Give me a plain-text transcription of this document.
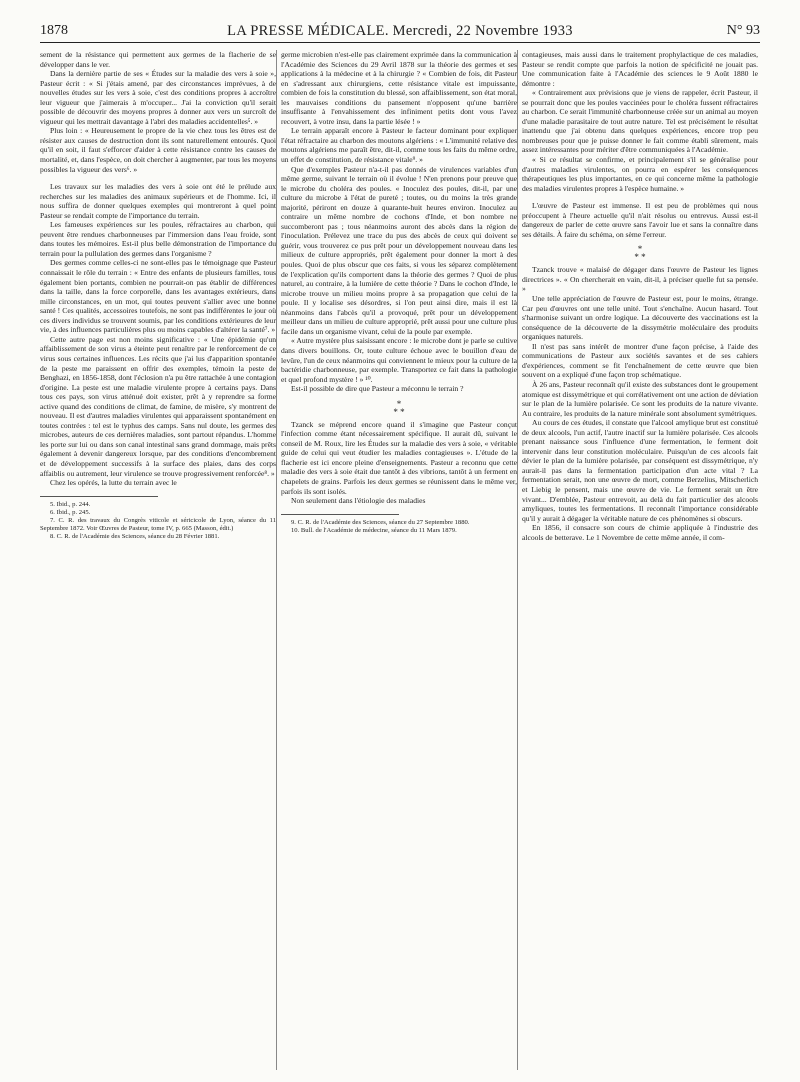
1878	LA PRESSE MÉDICALE. Mercredi, 22 Novembre 1933	N° 93

sement de la résistance qui permettent aux germes de la flacherie de se développer dans le ver.

Dans la dernière partie de ses « Études sur la maladie des vers à soie », Pasteur écrit : « Si j'étais amené, par des circonstances imprévues, à de nouvelles études sur les vers à soie, c'est des conditions propres à accroître leur vigueur que j'aimerais à m'occuper... J'ai la conviction qu'il serait possible de découvrir des moyens propres à donner aux vers un surcroît de vigueur qui les mettrait davantage à l'abri des maladies accidentelles⁵. »

Plus loin : « Heureusement le propre de la vie chez tous les êtres est de résister aux causes de destruction dont ils sont naturellement entourés. Quoi qu'il en soit, il faut s'efforcer d'aider à cette résistance contre les causes de mortalité, et, dans l'espèce, on doit chercher à augmenter, par tous les moyens possibles la vigueur des vers⁶. »

Les travaux sur les maladies des vers à soie ont été le prélude aux recherches sur les maladies des animaux supérieurs et de l'homme. Ici, il nous suffira de donner quelques exemples qui montreront à quel point Pasteur se rendait compte de l'importance du terrain.

Les fameuses expériences sur les poules, réfractaires au charbon, qui peuvent être rendues charbonneuses par l'immersion dans l'eau froide, sont dans toutes les mémoires. Est-il plus belle démonstration de l'importance du terrain pour la pullulation des germes dans l'organisme ?

Des germes comme celles-ci ne sont-elles pas le témoignage que Pasteur connaissait le rôle du terrain : « Entre des enfants de plusieurs familles, tous également bien portants, combien ne pourrait-on pas établir de différences dans la taille, dans la force corporelle, dans les avantages extérieurs, dans mille circonstances, en un mot, qui toutes peuvent s'allier avec une bonne santé ! Ces qualités, accessoires toutefois, ne sont pas indifférentes le jour où ces divers individus se trouvent soumis, par les conditions extérieures de leur vie, à des influences particulières plus ou moins capables d'altérer la santé⁷. »

Cette autre page est non moins significative : « Une épidémie qu'un affaiblissement de son virus a éteinte peut renaître par le renforcement de ce virus sous certaines influences. Les récits que j'ai lus d'apparition spontanée de la peste me paraissent en offrir des exemples, témoin la peste de Benghazi, en 1856-1858, dont l'éclosion n'a pu être rattachée à une contagion d'origine. La peste est une maladie virulente propre à certains pays. Dans tous ces pays, son virus atténué doit exister, prêt à y reprendre sa forme active quand des conditions de climat, de famine, de misère, s'y montrent de nouveau. Il est d'autres maladies virulentes qui apparaissent spontanément en toutes contrées : tel est le typhus des camps. Sans nul doute, les germes des microbes, auteurs de ces dernières maladies, sont partout répandus. L'homme les porte sur lui ou dans son canal intestinal sans grand dommage, mais prêts également à devenir dangereux lorsque, par des conditions d'encombrement et de développement successifs à la surface des plaies, dans des corps affaiblis ou autrement, leur virulence se trouve progressivement renforcée⁸. »

Chez les opérés, la lutte du terrain avec le

5. Ibid., p. 244.

6. Ibid., p. 245.

7. C. R. des travaux du Congrès viticole et séricicole de Lyon, séance du 11 Septembre 1872. Voir Œuvres de Pasteur, tome IV, p. 665 (Masson, édit.)

8. C. R. de l'Académie des Sciences, séance du 28 Février 1881.

germe microbien n'est-elle pas clairement exprimée dans la communication à l'Académie des Sciences du 29 Avril 1878 sur la théorie des germes et ses applications à la médecine et à la chirurgie ? « Combien de fois, dit Pasteur en s'adressant aux chirurgiens, cette résistance vitale est impuissante, combien de fois la constitution du blessé, son affaiblissement, son état moral, les mauvaises conditions du pansement n'opposent qu'une barrière insuffisante à l'envahissement des infiniment petits dont vous l'avez recouvert, à votre insu, dans la partie lésée ! »

Le terrain apparaît encore à Pasteur le facteur dominant pour expliquer l'état réfractaire au charbon des moutons algériens : « L'immunité relative des moutons algériens me paraît être, dit-il, comme tous les faits du même ordre, un effet de constitution, de résistance vitale⁹. »

Que d'exemples Pasteur n'a-t-il pas donnés de virulences variables d'un même germe, suivant le terrain où il évolue ! N'en prenons pour preuve que le microbe du choléra des poules. « Inoculez des poules, dit-il, par une culture du microbe à l'état de pureté ; toutes, ou du moins la très grande majorité, périront en douze à quarante-huit heures environ. Inoculez au contraire un même nombre de cochons d'Inde, et bon nombre ne succomberont pas ; tous néanmoins auront des abcès dans la région de l'inoculation. Prélevez une trace du pus des abcès de ceux qui doivent se guérir, vous trouverez ce pus prêt pour un développement nouveau dans les milieux de culture appropriés, prêt également pour donner la mort à des poules. Quoi de plus obscur que ces faits, si vous les séparez complètement de l'explication qu'ils comportent dans la théorie des germes ? Quoi de plus naturel, au contraire, à la lumière de cette théorie ? Dans le cochon d'Inde, le microbe trouve un milieu moins propre à sa propagation que celui de la poule. Il y localise ses désordres, si l'on peut ainsi dire, mais il est là néanmoins dans l'abcès qu'il a provoqué, prêt pour un développement meilleur dans un milieu de culture approprié, prêt aussi pour une culture plus facile dans un organisme vivant, celui de la poule par exemple.

« Autre mystère plus saisissant encore : le microbe dont je parle se cultive dans divers bouillons. Or, toute culture échoue avec le bouillon d'eau de levûre, l'un de ceux néanmoins qui conviennent le mieux pour la culture de la bactéridie charbonneuse, par exemple. Transportez ce fait dans la pathologie et quel profond mystère ! » ¹⁰.

Est-il possible de dire que Pasteur a méconnu le terrain ?

*
* *

Tzanck se méprend encore quand il s'imagine que Pasteur conçut l'infection comme étant nécessairement spécifique. Il aurait dû, suivant le conseil de M. Roux, lire les Études sur la maladie des vers à soie, « véritable guide de celui qui veut étudier les maladies contagieuses ». L'étude de la flacherie est ici encore pleine d'enseignements. Pasteur a reconnu que cette maladie des vers à soie était due tantôt à des vibrions, tantôt à un ferment en chapelets de grains. Parfois les deux germes se réunissent dans le même ver, parfois ils sont isolés.

Non seulement dans l'étiologie des maladies

9. C. R. de l'Académie des Sciences, séance du 27 Septembre 1880.

10. Bull. de l'Académie de médecine, séance du 11 Mars 1879.

contagieuses, mais aussi dans le traitement prophylactique de ces maladies, Pasteur se rendit compte que parfois la notion de spécificité ne jouait pas. Une communication faite à l'Académie des sciences le 9 Août 1880 le démontre :

« Contrairement aux prévisions que je viens de rappeler, écrit Pasteur, il se pourrait donc que les poules vaccinées pour le choléra fussent réfractaires au charbon. Ce serait l'immunité charbonneuse créée sur un animal au moyen d'une maladie parasitaire de tout autre nature. Tel est précisément le résultat inattendu que j'ai obtenu dans quelques expériences, encore trop peu nombreuses pour que je puisse donner le fait comme établi sûrement, mais assez intéressantes pour mériter d'être communiquées à l'Académie.

« Si ce résultat se confirme, et principalement s'il se généralise pour d'autres maladies virulentes, on pourra en espérer les conséquences thérapeutiques les plus importantes, en ce qui concerne même la pathologie des maladies virulentes propres à l'espèce humaine. »

L'œuvre de Pasteur est immense. Il est peu de problèmes qui nous préoccupent à l'heure actuelle qu'il n'ait résolus ou entrevus. Aussi est-il dangereux de parler de cette œuvre sans l'avoir lue et sans la connaître dans ses détails. À faire du schéma, on sème l'erreur.

*
* *

Tzanck trouve « malaisé de dégager dans l'œuvre de Pasteur les lignes directrices ». « On chercherait en vain, dit-il, à préciser quelle fut sa pensée. »

Une telle appréciation de l'œuvre de Pasteur est, pour le moins, étrange. Car peu d'œuvres ont une telle unité. Tout s'enchaîne. Aucun hasard. Tout s'harmonise suivant un ordre logique. La découverte des vaccinations est la conséquence de la découverte de la dissymétrie moléculaire des produits organiques naturels.

Il n'est pas sans intérêt de montrer d'une façon précise, à l'aide des communications de Pasteur aux sociétés savantes et de ses cahiers d'expériences, comment se fit l'enchaînement de cette œuvre que bien souvent on a expliqué d'une façon trop schématique.

À 26 ans, Pasteur reconnaît qu'il existe des substances dont le groupement atomique est dissymétrique et qui corrélativement ont une action de déviation sur le plan de la lumière polarisée. Ce sont les produits de la nature vivante. Au contraire, les produits de la nature minérale sont absolument symétriques.

Au cours de ces études, il constate que l'alcool amylique brut est constitué de deux alcools, l'un actif, l'autre inactif sur la lumière polarisée. Ces alcools prenant naissance sous l'influence d'une fermentation, le ferment doit intervenir dans leur constitution moléculaire. Puisqu'un de ces alcools fait dévier le plan de la lumière polarisée, par conséquent est dissymétrique, n'y aurait-il pas dans la fermentation participation d'un acte vital ? La fermentation serait, non une œuvre de mort, comme Berzelius, Mitscherlich et Liebig le pensent, mais une œuvre de vie. Le ferment serait un être vivant... D'emblée, Pasteur entrevoit, au delà du fait particulier des alcools amyliques, toutes les fermentations. Il reconnaît l'importance considérable qu'il y aurait à dégager la véritable nature de ces phénomènes si obscurs.

En 1856, il consacre son cours de chimie appliquée à l'industrie des alcools de betterave. Le 1 Novembre de cette même année, il com-
